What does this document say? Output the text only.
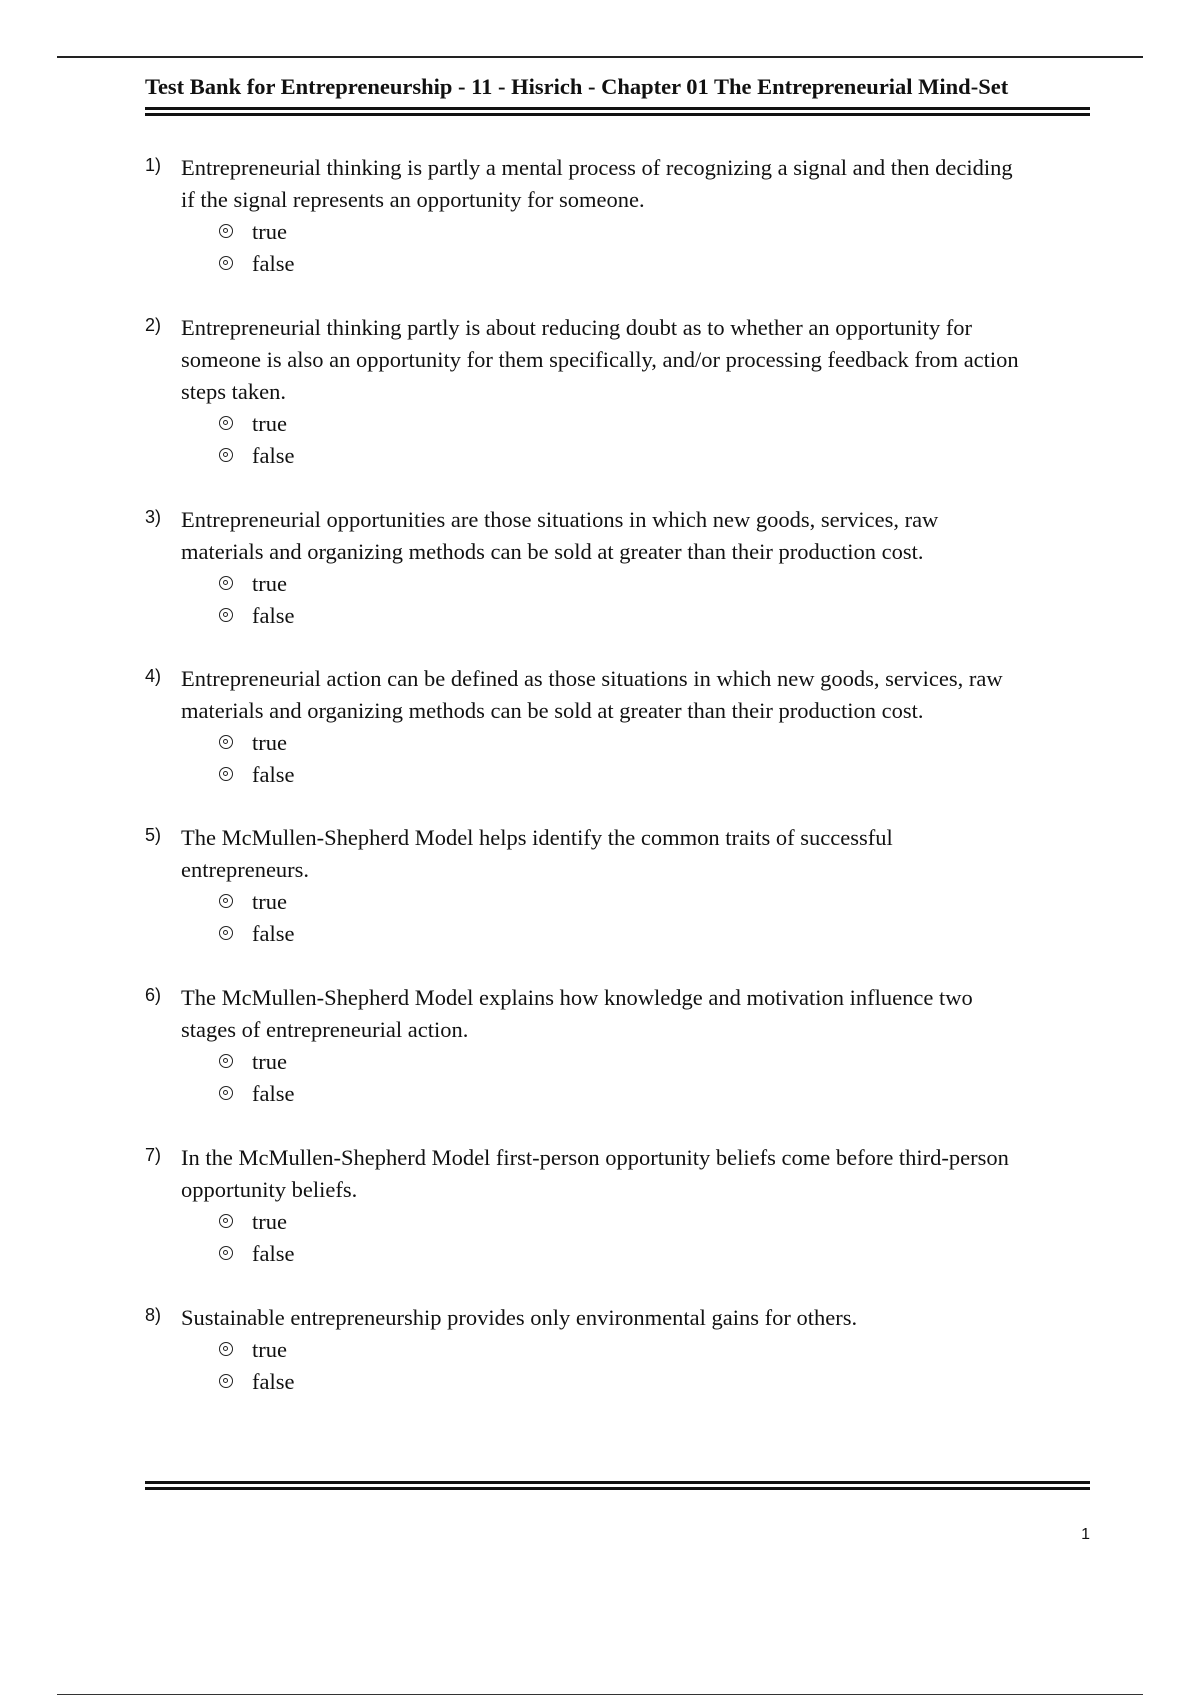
Test Bank for Entrepreneurship - 11 - Hisrich - Chapter 01 The Entrepreneurial Mind-Set
1) Entrepreneurial thinking is partly a mental process of recognizing a signal and then deciding
if the signal represents an opportunity for someone.
true
false
2) Entrepreneurial thinking partly is about reducing doubt as to whether an opportunity for
someone is also an opportunity for them specifically, and/or processing feedback from action
steps taken.
true
false
3) Entrepreneurial opportunities are those situations in which new goods, services, raw
materials and organizing methods can be sold at greater than their production cost.
true
false
4) Entrepreneurial action can be defined as those situations in which new goods, services, raw
materials and organizing methods can be sold at greater than their production cost.
true
false
5) The McMullen-Shepherd Model helps identify the common traits of successful
entrepreneurs.
true
false
6) The McMullen-Shepherd Model explains how knowledge and motivation influence two
stages of entrepreneurial action.
true
false
7) In the McMullen-Shepherd Model first-person opportunity beliefs come before third-person
opportunity beliefs.
true
false
8) Sustainable entrepreneurship provides only environmental gains for others.
true
false
1
